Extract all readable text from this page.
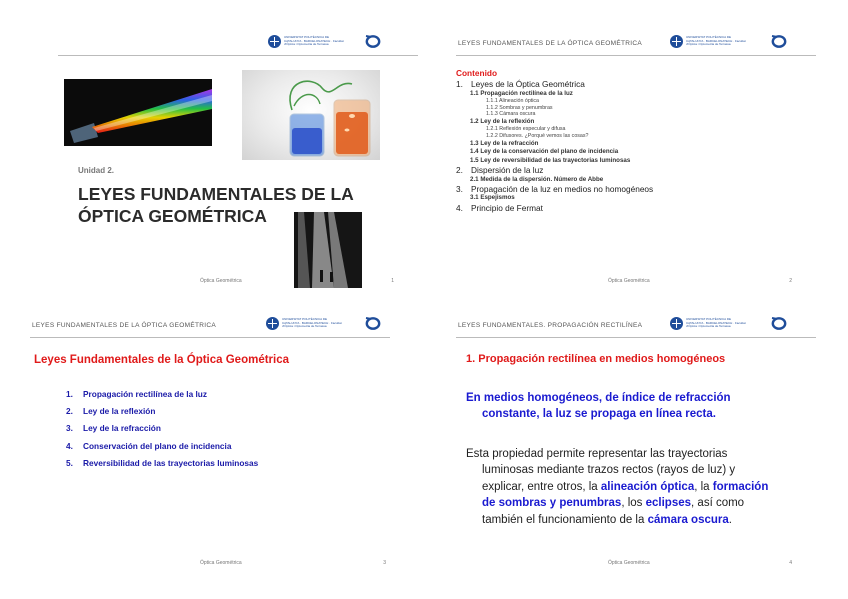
UNIVERSITAT POLITÈCNICA DE CATALUNYA · BARCELONATECH · Facultat d'Òptica i Optometria de Terrassa
Unidad 2.
LEYES FUNDAMENTALES DE LA
ÓPTICA GEOMÉTRICA
Óptica Geométrica	1
LEYES FUNDAMENTALES DE LA ÓPTICA GEOMÉTRICA
UNIVERSITAT POLITÈCNICA DE CATALUNYA · BARCELONATECH · Facultat d'Òptica i Optometria de Terrassa
Contenido
1. Leyes de la Óptica Geométrica
1.1 Propagación rectilínea de la luz
1.1.1 Alineación óptica
1.1.2 Sombras y penumbras
1.1.3 Cámara oscura
1.2 Ley de la reflexión
1.2.1 Reflexión especular y difusa
1.2.2 Difusores. ¿Porqué vemos las cosas?
1.3 Ley de la refracción
1.4 Ley de la conservación del plano de incidencia
1.5 Ley de reversibilidad de las trayectorias luminosas
2. Dispersión de la luz
2.1 Medida de la dispersión. Número de Abbe
3. Propagación de la luz en medios no homogéneos
3.1 Espejismos
4. Principio de Fermat
Óptica Geométrica	2
LEYES FUNDAMENTALES DE LA ÓPTICA GEOMÉTRICA
UNIVERSITAT POLITÈCNICA DE CATALUNYA · BARCELONATECH · Facultat d'Òptica i Optometria de Terrassa
Leyes Fundamentales de la Óptica Geométrica
1. Propagación rectilínea de la luz
2. Ley de la reflexión
3. Ley de la refracción
4. Conservación del plano de incidencia
5. Reversibilidad de las trayectorias luminosas
Óptica Geométrica	3
LEYES FUNDAMENTALES. PROPAGACIÓN RECTILÍNEA
UNIVERSITAT POLITÈCNICA DE CATALUNYA · BARCELONATECH · Facultat d'Òptica i Optometria de Terrassa
1. Propagación rectilínea en medios homogéneos
En medios homogéneos, de índice de refracción
constante, la luz se propaga en línea recta.
Esta propiedad permite representar las trayectorias
luminosas mediante trazos rectos (rayos de luz) y
explicar, entre otros, la alineación óptica, la formación
de sombras y penumbras, los eclipses, así como
también el funcionamiento de la cámara oscura.
Óptica Geométrica	4
